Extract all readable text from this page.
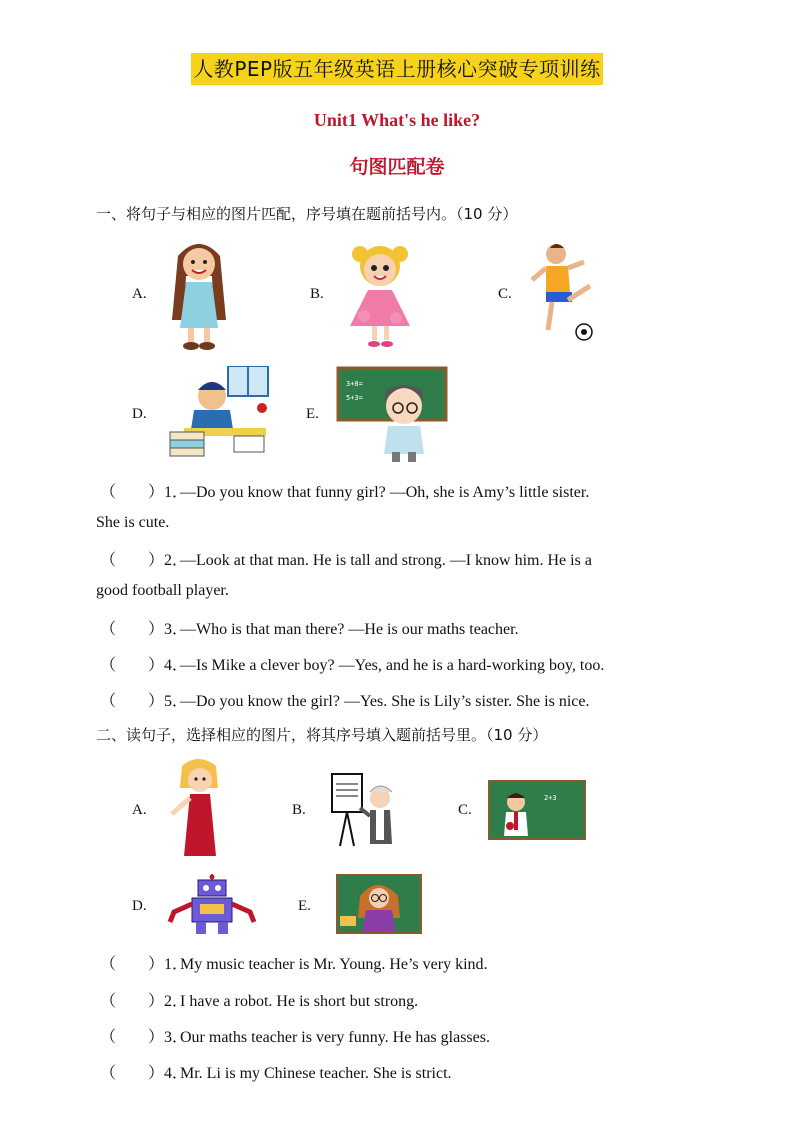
人教PEP版五年级英语上册核心突破专项训练
Unit1 What's he like?
句图匹配卷
一、将句子与相应的图片匹配，序号填在题前括号内。（10 分）
A.	B.	C.
D.	E.
3+8=
5+3=
（　　）1．—Do you know that funny girl? —Oh, she is Amy’s little sister.
She is cute.
（　　）2．—Look at that man. He is tall and strong. —I know him. He is a
good football player.
（　　）3．—Who is that man there? —He is our maths teacher.
（　　）4．—Is Mike a clever boy? —Yes, and he is a hard-working boy, too.
（　　）5．—Do you know the girl? —Yes. She is Lily’s sister. She is nice.
二、读句子，选择相应的图片，将其序号填入题前括号里。（10 分）
A.	B.	C.
2+3
D.	E.
（　　）1．My music teacher is Mr. Young. He’s very kind.
（　　）2．I have a robot. He is short but strong.
（　　）3．Our maths teacher is very funny. He has glasses.
（　　）4．Mr. Li is my Chinese teacher. She is strict.
